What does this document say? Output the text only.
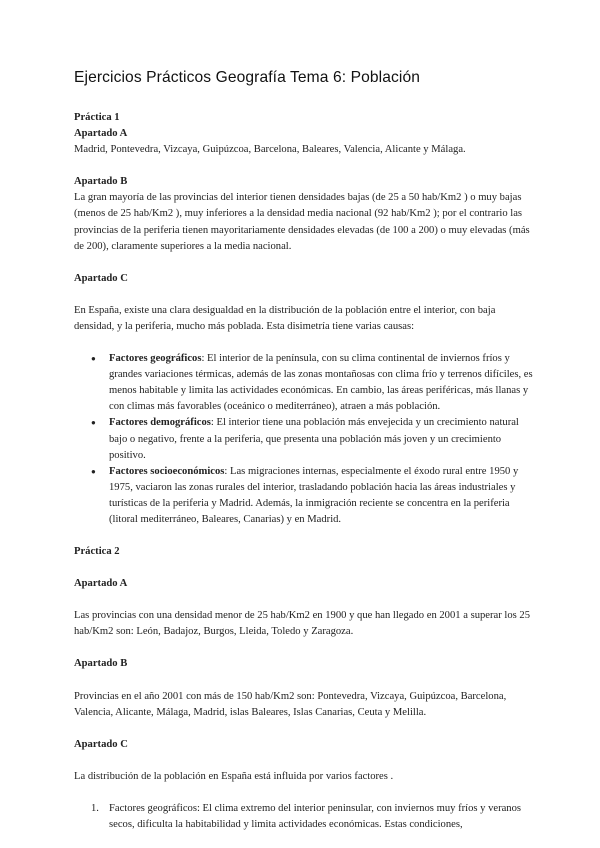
Ejercicios Prácticos Geografía Tema 6: Población

Práctica 1

Apartado A

Madrid, Pontevedra, Vizcaya, Guipúzcoa, Barcelona, Baleares, Valencia, Alicante y Málaga.

Apartado B

La gran mayoría de las provincias del interior tienen densidades bajas (de 25 a 50 hab/Km2 ) o muy bajas (menos de 25 hab/Km2 ), muy inferiores a la densidad media nacional (92 hab/Km2 ); por el contrario las provincias de la periferia tienen mayoritariamente densidades elevadas (de 100 a 200) o muy elevadas (más de 200), claramente superiores a la media nacional.

Apartado C

En España, existe una clara desigualdad en la distribución de la población entre el interior, con baja densidad, y la periferia, mucho más poblada. Esta disimetría tiene varias causas:

● Factores geográficos: El interior de la península, con su clima continental de inviernos fríos y grandes variaciones térmicas, además de las zonas montañosas con clima frío y terrenos difíciles, es menos habitable y limita las actividades económicas. En cambio, las áreas periféricas, más llanas y con climas más favorables (oceánico o mediterráneo), atraen a más población.
● Factores demográficos: El interior tiene una población más envejecida y un crecimiento natural bajo o negativo, frente a la periferia, que presenta una población más joven y un crecimiento positivo.
● Factores socioeconómicos: Las migraciones internas, especialmente el éxodo rural entre 1950 y 1975, vaciaron las zonas rurales del interior, trasladando población hacia las áreas industriales y turísticas de la periferia y Madrid. Además, la inmigración reciente se concentra en la periferia (litoral mediterráneo, Baleares, Canarias) y en Madrid.

Práctica 2

Apartado A

Las provincias con una densidad menor de 25 hab/Km2 en 1900 y que han llegado en 2001 a superar los 25 hab/Km2 son: León, Badajoz, Burgos, Lleida, Toledo y Zaragoza.

Apartado B

Provincias en el año 2001 con más de 150 hab/Km2 son: Pontevedra, Vizcaya, Guipúzcoa, Barcelona, Valencia, Alicante, Málaga, Madrid, islas Baleares, Islas Canarias, Ceuta y Melilla.

Apartado C

La distribución de la población en España está influida por varios factores .

1. Factores geográficos: El clima extremo del interior peninsular, con inviernos muy fríos y veranos secos, dificulta la habitabilidad y limita actividades económicas. Estas condiciones,
